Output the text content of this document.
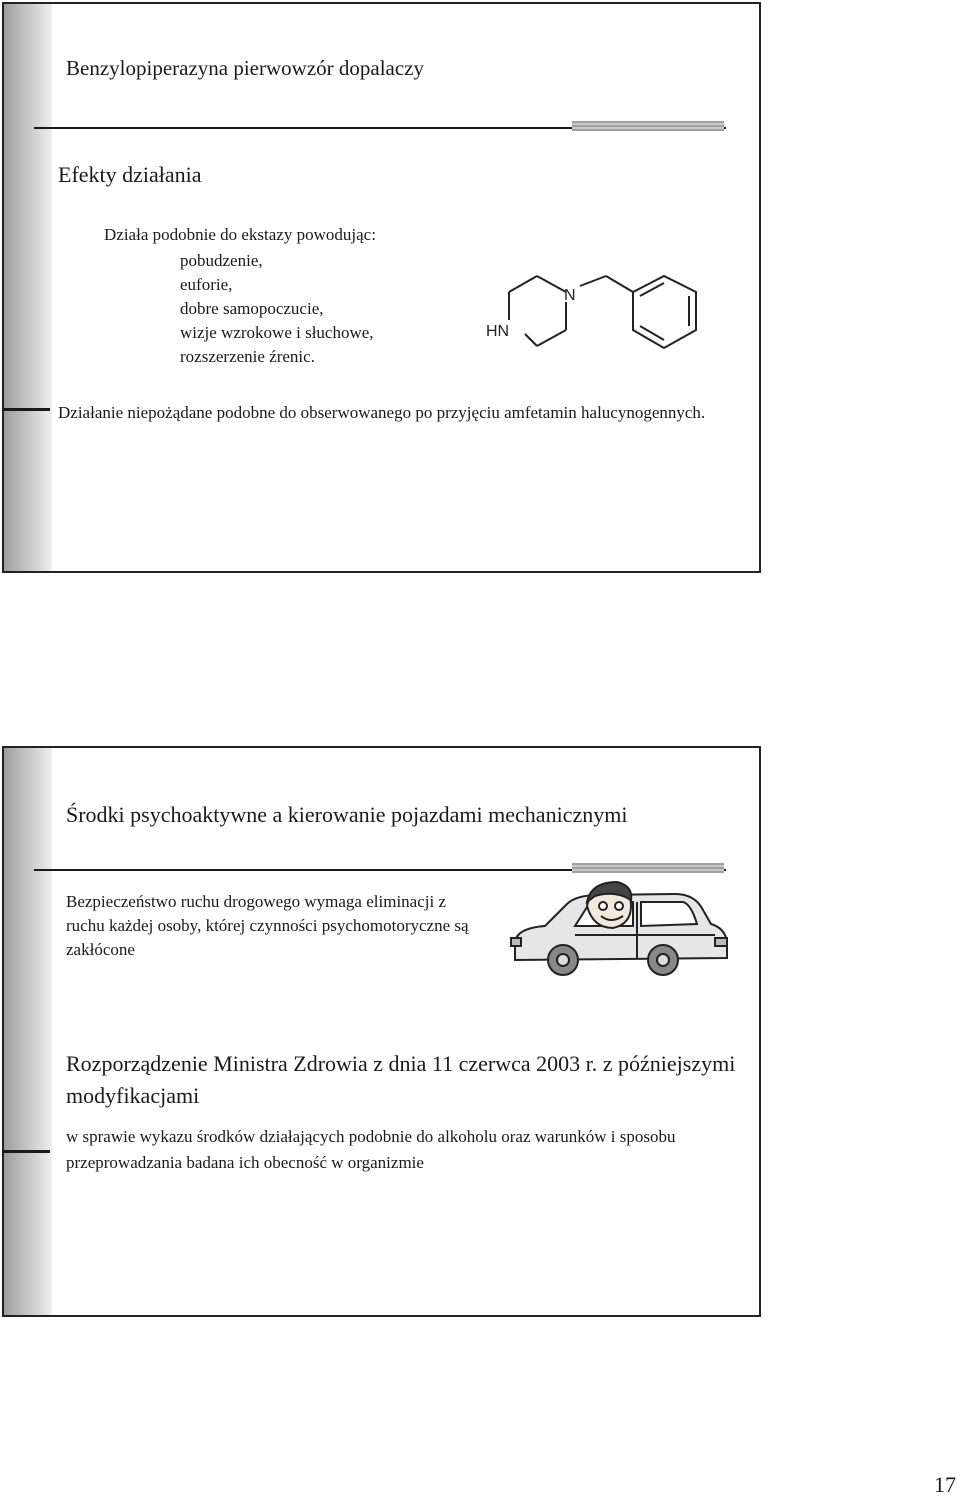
Benzylopiperazyna pierwowzór dopalaczy
Efekty działania
Działa podobnie do ekstazy powodując:
pobudzenie,
euforie,
dobre samopoczucie,
wizje wzrokowe i słuchowe,
rozszerzenie źrenic.
Działanie niepożądane podobne do obserwowanego po przyjęciu amfetamin halucynogennych.
N
HN
Środki psychoaktywne a kierowanie pojazdami mechanicznymi
Bezpieczeństwo ruchu drogowego wymaga eliminacji z ruchu każdej osoby, której czynności psychomotoryczne są zakłócone
Rozporządzenie Ministra Zdrowia z dnia 11 czerwca 2003 r. z późniejszymi modyfikacjami
w sprawie wykazu środków działających podobnie do alkoholu oraz warunków i sposobu przeprowadzania badana ich obecność w organizmie
17
